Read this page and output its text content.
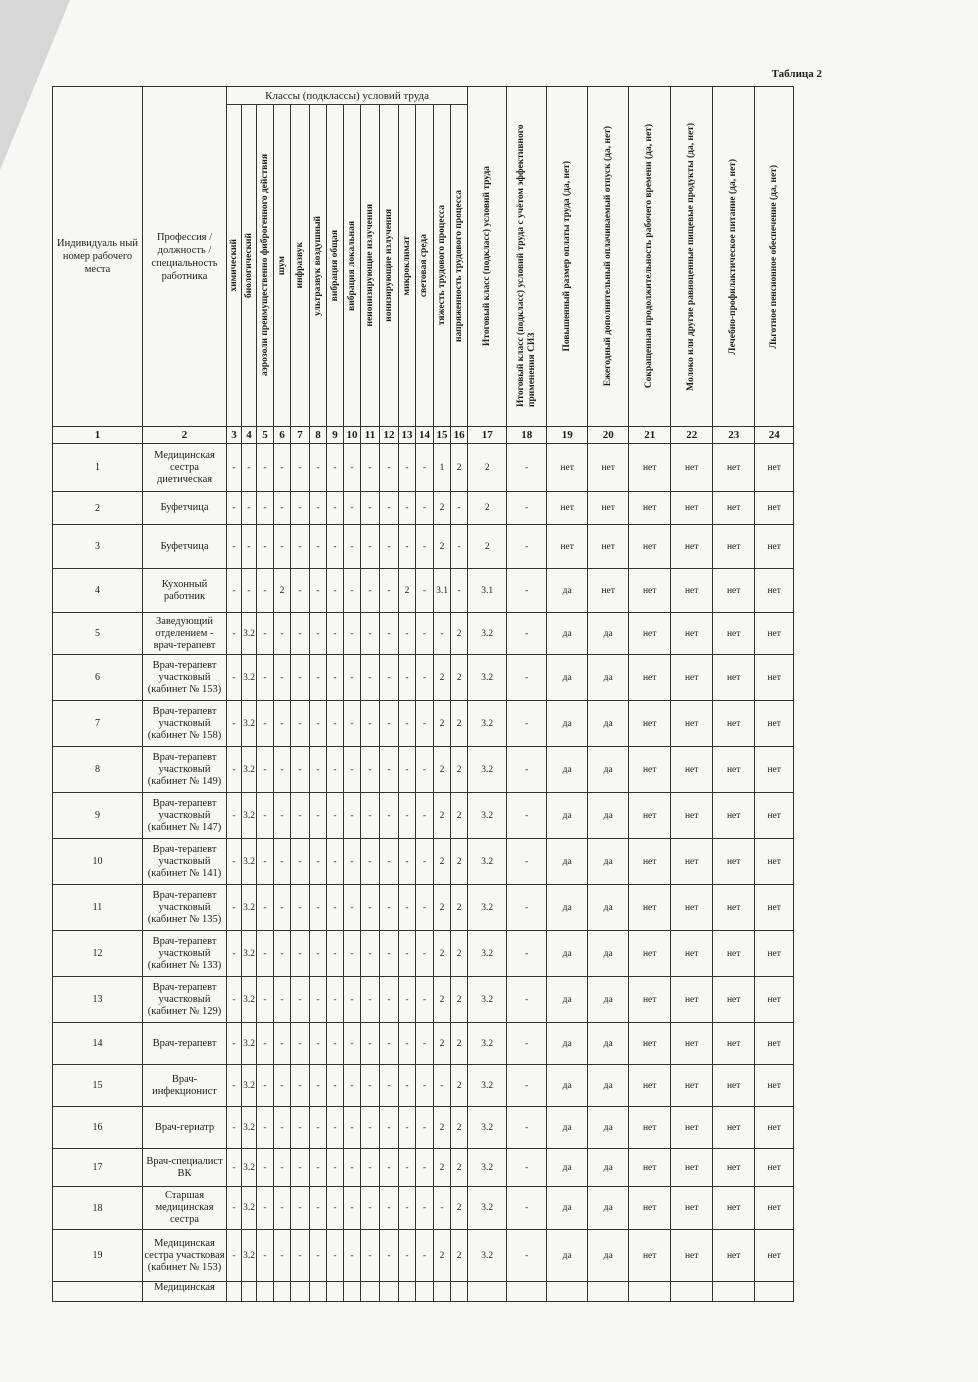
Таблица 2
Индивидуаль ный номер рабочего места	Профессия / должность / специальность работника	Классы (подклассы) условий труда														Итоговый класс (подкласс) условий труда	Итоговый класс (подкласс) условий труда с учётом эффективного применения СИЗ	Повышенный размер оплаты труда (да, нет)	Ежегодный дополнительный оплачиваемый отпуск (да, нет)	Сокращенная продолжительность рабочего времени (да, нет)	Молоко или другие равноценные пищевые продукты (да, нет)	Лечебно-профилактическое питание (да, нет)	Льготное пенсионное обеспечение (да, нет)

		химический	биологический	аэрозоли преимущественно фиброгенного действия	шум	инфразвук	ультразвук воздушный	вибрация общая	вибрация локальная	неионизирующие излучения	ионизирующие излучения	микроклимат	световая среда	тяжесть трудового процесса	напряженность трудового процесса								

1	2	3	4	5	6	7	8	9	10	11	12	13	14	15	16	17	18	19	20	21	22	23	24
1	Медицинская сестра диетическая	-	-	-	-	-	-	-	-	-	-	-	-	1	2	2	-	нет	нет	нет	нет	нет	нет
2	Буфетчица	-	-	-	-	-	-	-	-	-	-	-	-	2	-	2	-	нет	нет	нет	нет	нет	нет
3	Буфетчица	-	-	-	-	-	-	-	-	-	-	-	-	2	-	2	-	нет	нет	нет	нет	нет	нет
4	Кухонный работник	-	-	-	2	-	-	-	-	-	-	2	-	3.1	-	3.1	-	да	нет	нет	нет	нет	нет
5	Заведующий отделением - врач-терапевт	-	3.2	-	-	-	-	-	-	-	-	-	-	-	2	3.2	-	да	да	нет	нет	нет	нет
6	Врач-терапевт участковый (кабинет № 153)	-	3.2	-	-	-	-	-	-	-	-	-	-	2	2	3.2	-	да	да	нет	нет	нет	нет
7	Врач-терапевт участковый (кабинет № 158)	-	3.2	-	-	-	-	-	-	-	-	-	-	2	2	3.2	-	да	да	нет	нет	нет	нет
8	Врач-терапевт участковый (кабинет № 149)	-	3.2	-	-	-	-	-	-	-	-	-	-	2	2	3.2	-	да	да	нет	нет	нет	нет
9	Врач-терапевт участковый (кабинет № 147)	-	3.2	-	-	-	-	-	-	-	-	-	-	2	2	3.2	-	да	да	нет	нет	нет	нет
10	Врач-терапевт участковый (кабинет № 141)	-	3.2	-	-	-	-	-	-	-	-	-	-	2	2	3.2	-	да	да	нет	нет	нет	нет
11	Врач-терапевт участковый (кабинет № 135)	-	3.2	-	-	-	-	-	-	-	-	-	-	2	2	3.2	-	да	да	нет	нет	нет	нет
12	Врач-терапевт участковый (кабинет № 133)	-	3.2	-	-	-	-	-	-	-	-	-	-	2	2	3.2	-	да	да	нет	нет	нет	нет
13	Врач-терапевт участковый (кабинет № 129)	-	3.2	-	-	-	-	-	-	-	-	-	-	2	2	3.2	-	да	да	нет	нет	нет	нет
14	Врач-терапевт	-	3.2	-	-	-	-	-	-	-	-	-	-	2	2	3.2	-	да	да	нет	нет	нет	нет
15	Врач-инфекционист	-	3.2	-	-	-	-	-	-	-	-	-	-	-	2	3.2	-	да	да	нет	нет	нет	нет
16	Врач-гериатр	-	3.2	-	-	-	-	-	-	-	-	-	-	2	2	3.2	-	да	да	нет	нет	нет	нет
17	Врач-специалист ВК	-	3.2	-	-	-	-	-	-	-	-	-	-	2	2	3.2	-	да	да	нет	нет	нет	нет
18	Старшая медицинская сестра	-	3.2	-	-	-	-	-	-	-	-	-	-	-	2	3.2	-	да	да	нет	нет	нет	нет
19	Медицинская сестра участковая (кабинет № 153)	-	3.2	-	-	-	-	-	-	-	-	-	-	2	2	3.2	-	да	да	нет	нет	нет	нет
	Медицинская																						
